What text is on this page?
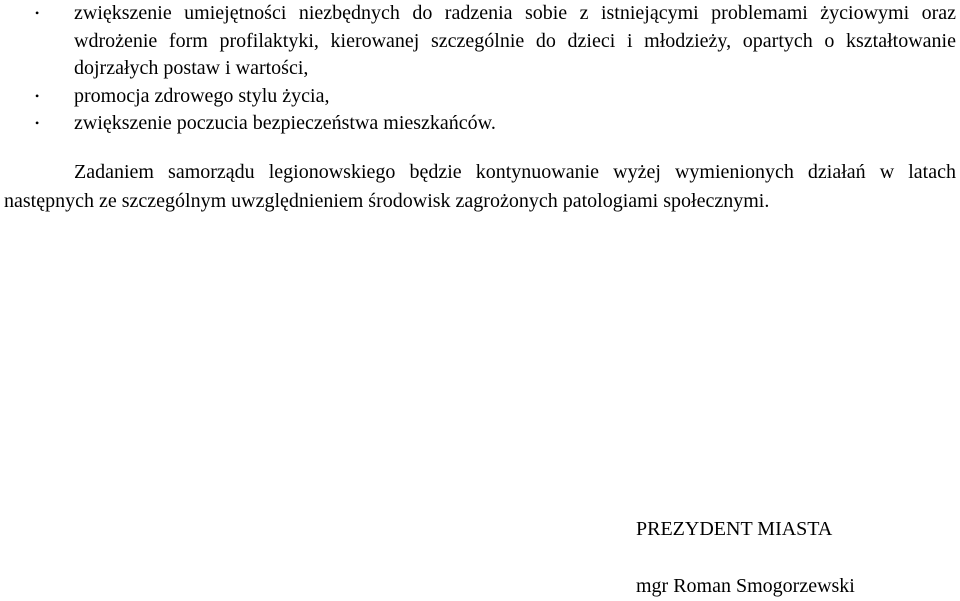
• zwiększenie umiejętności niezbędnych do radzenia sobie z istniejącymi problemami życiowymi oraz wdrożenie form profilaktyki, kierowanej szczególnie do dzieci i młodzieży, opartych o kształtowanie dojrzałych postaw i wartości,
• promocja zdrowego stylu życia,
• zwiększenie poczucia bezpieczeństwa mieszkańców.

Zadaniem samorządu legionowskiego będzie kontynuowanie wyżej wymienionych działań w latach następnych ze szczególnym uwzględnieniem środowisk zagrożonych patologiami społecznymi.

PREZYDENT MIASTA
mgr Roman Smogorzewski
